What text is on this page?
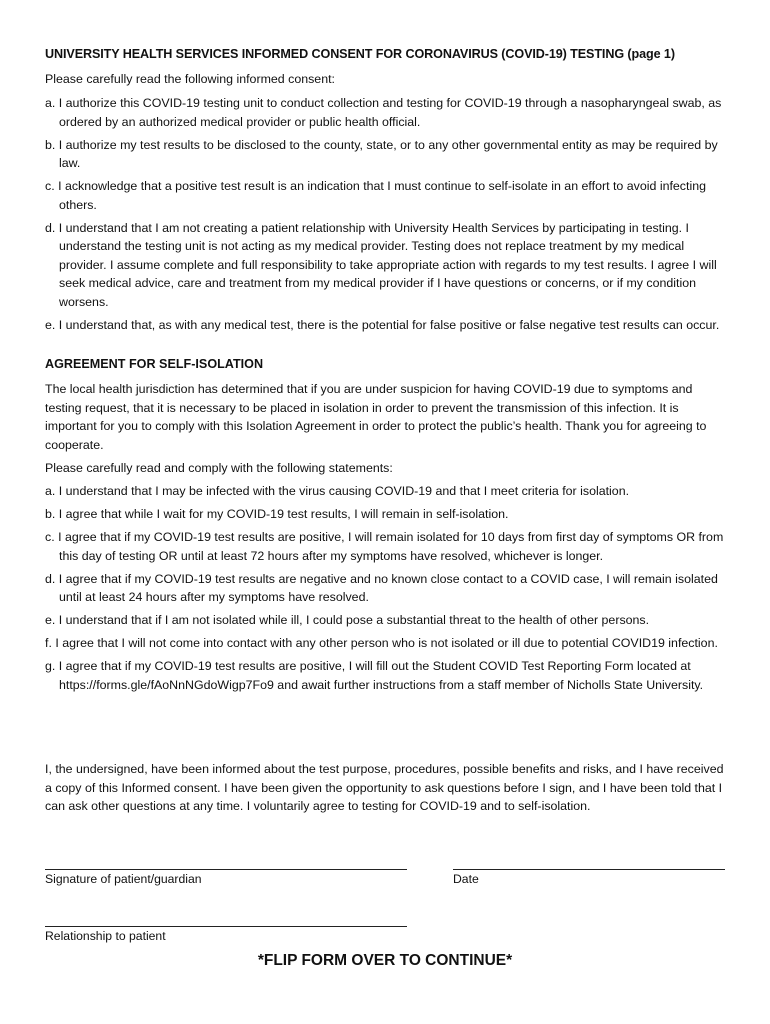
UNIVERSITY HEALTH SERVICES INFORMED CONSENT FOR CORONAVIRUS (COVID-19) TESTING (page 1)
Please carefully read the following informed consent:

a. I authorize this COVID-19 testing unit to conduct collection and testing for COVID-19 through a nasopharyngeal swab, as ordered by an authorized medical provider or public health official.

b. I authorize my test results to be disclosed to the county, state, or to any other governmental entity as may be required by law.

c. I acknowledge that a positive test result is an indication that I must continue to self-isolate in an effort to avoid infecting others.

d. I understand that I am not creating a patient relationship with University Health Services by participating in testing. I understand the testing unit is not acting as my medical provider. Testing does not replace treatment by my medical provider. I assume complete and full responsibility to take appropriate action with regards to my test results. I agree I will seek medical advice, care and treatment from my medical provider if I have questions or concerns, or if my condition worsens.

e. I understand that, as with any medical test, there is the potential for false positive or false negative test results can occur.

AGREEMENT FOR SELF-ISOLATION

The local health jurisdiction has determined that if you are under suspicion for having COVID-19 due to symptoms and testing request, that it is necessary to be placed in isolation in order to prevent the transmission of this infection. It is important for you to comply with this Isolation Agreement in order to protect the public’s health. Thank you for agreeing to cooperate.

Please carefully read and comply with the following statements:

a. I understand that I may be infected with the virus causing COVID-19 and that I meet criteria for isolation.

b. I agree that while I wait for my COVID-19 test results, I will remain in self-isolation.

c. I agree that if my COVID-19 test results are positive, I will remain isolated for 10 days from first day of symptoms OR from this day of testing OR until at least 72 hours after my symptoms have resolved, whichever is longer.

d. I agree that if my COVID-19 test results are negative and no known close contact to a COVID case, I will remain isolated until at least 24 hours after my symptoms have resolved.

e. I understand that if I am not isolated while ill, I could pose a substantial threat to the health of other persons.

f. I agree that I will not come into contact with any other person who is not isolated or ill due to potential COVID19 infection.

g. I agree that if my COVID-19 test results are positive, I will fill out the Student COVID Test Reporting Form located at https://forms.gle/fAoNnNGdoWigp7Fo9 and await further instructions from a staff member of Nicholls State University.

I, the undersigned, have been informed about the test purpose, procedures, possible benefits and risks, and I have received a copy of this Informed consent. I have been given the opportunity to ask questions before I sign, and I have been told that I can ask other questions at any time. I voluntarily agree to testing for COVID-19 and to self-isolation.

Signature of patient/guardian	Date
Relationship to patient
*FLIP FORM OVER TO CONTINUE*
